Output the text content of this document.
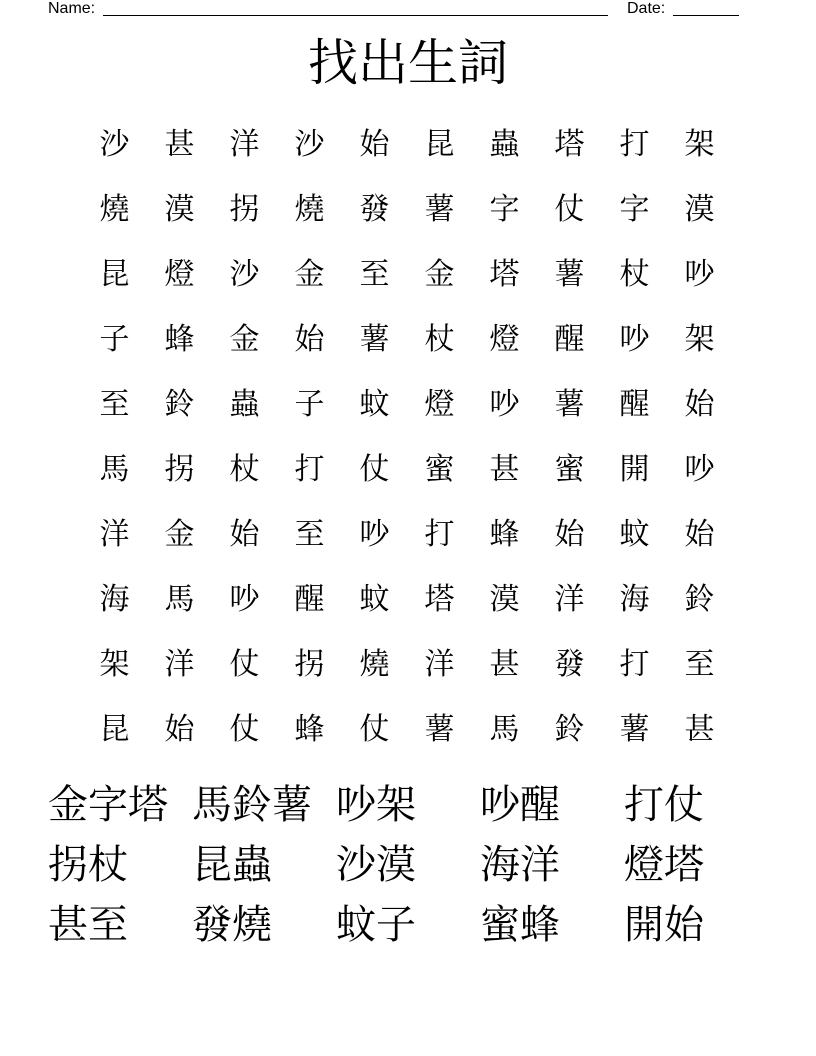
Name:	Date:
找出生詞
沙	甚	洋	沙	始	昆	蟲	塔	打	架
燒	漠	拐	燒	發	薯	字	仗	字	漠
昆	燈	沙	金	至	金	塔	薯	杖	吵
子	蜂	金	始	薯	杖	燈	醒	吵	架
至	鈴	蟲	子	蚊	燈	吵	薯	醒	始
馬	拐	杖	打	仗	蜜	甚	蜜	開	吵
洋	金	始	至	吵	打	蜂	始	蚊	始
海	馬	吵	醒	蚊	塔	漠	洋	海	鈴
架	洋	仗	拐	燒	洋	甚	發	打	至
昆	始	仗	蜂	仗	薯	馬	鈴	薯	甚
金字塔 馬鈴薯 吵架	吵醒	打仗
拐杖	昆蟲	沙漠	海洋	燈塔
甚至	發燒	蚊子	蜜蜂	開始
